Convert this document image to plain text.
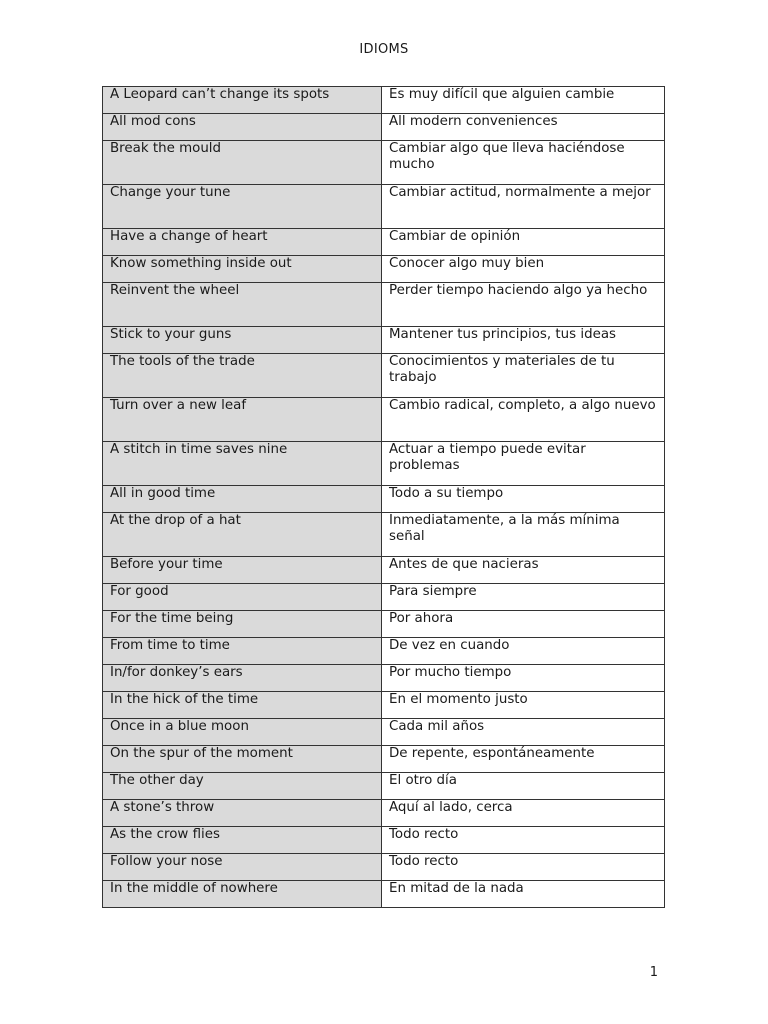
IDIOMS
A Leopard can’t change its spots	Es muy difícil que alguien cambie

All mod cons	All modern conveniences

Break the mould	Cambiar algo que lleva haciéndose mucho

Change your tune	Cambiar actitud, normalmente a mejor

Have a change of heart	Cambiar de opinión

Know something inside out	Conocer algo muy bien

Reinvent the wheel	Perder tiempo haciendo algo ya hecho

Stick to your guns	Mantener tus principios, tus ideas

The tools of the trade	Conocimientos y materiales de tu trabajo

Turn over a new leaf	Cambio radical, completo, a algo nuevo

A stitch in time saves nine	Actuar a tiempo puede evitar problemas

All in good time	Todo a su tiempo

At the drop of a hat	Inmediatamente, a la más mínima señal

Before your time	Antes de que nacieras

For good	Para siempre

For the time being	Por ahora

From time to time	De vez en cuando

In/for donkey’s ears	Por mucho tiempo

In the hick of the time	En el momento justo

Once in a blue moon	Cada mil años

On the spur of the moment	De repente, espontáneamente

The other day	El otro día

A stone’s throw	Aquí al lado, cerca

As the crow flies	Todo recto

Follow your nose	Todo recto

In the middle of nowhere	En mitad de la nada
1
